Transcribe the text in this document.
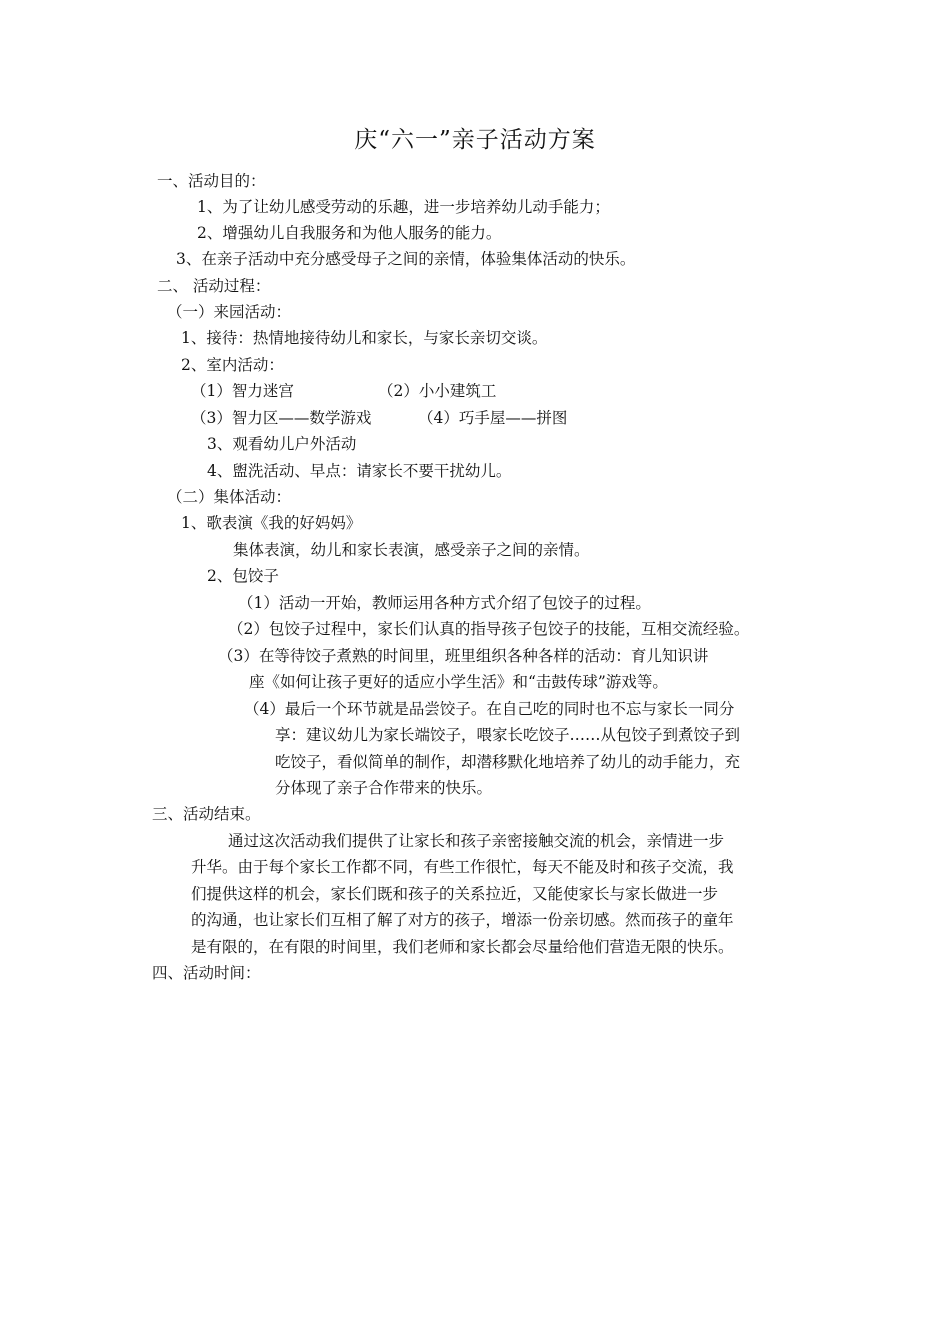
庆“六一”亲子活动方案
一、活动目的：
1、为了让幼儿感受劳动的乐趣，进一步培养幼儿动手能力；
2、增强幼儿自我服务和为他人服务的能力。
3、在亲子活动中充分感受母子之间的亲情，体验集体活动的快乐。
二、 活动过程：
（一）来园活动：
1、接待：热情地接待幼儿和家长，与家长亲切交谈。
2、室内活动：
（1）智力迷宫	（2）小小建筑工
（3）智力区——数学游戏	（4）巧手屋——拼图
3、观看幼儿户外活动
4、盥洗活动、早点：请家长不要干扰幼儿。
（二）集体活动：
1、歌表演《我的好妈妈》
集体表演，幼儿和家长表演，感受亲子之间的亲情。
2、包饺子
（1）活动一开始，教师运用各种方式介绍了包饺子的过程。
（2）包饺子过程中，家长们认真的指导孩子包饺子的技能，互相交流经验。
（3）在等待饺子煮熟的时间里，班里组织各种各样的活动：育儿知识讲
座《如何让孩子更好的适应小学生活》和“击鼓传球”游戏等。
（4）最后一个环节就是品尝饺子。在自己吃的同时也不忘与家长一同分
享：建议幼儿为家长端饺子，喂家长吃饺子……从包饺子到煮饺子到
吃饺子，看似简单的制作，却潜移默化地培养了幼儿的动手能力，充
分体现了亲子合作带来的快乐。
三、活动结束。
通过这次活动我们提供了让家长和孩子亲密接触交流的机会，亲情进一步
升华。由于每个家长工作都不同，有些工作很忙，每天不能及时和孩子交流，我
们提供这样的机会，家长们既和孩子的关系拉近，又能使家长与家长做进一步
的沟通，也让家长们互相了解了对方的孩子，增添一份亲切感。然而孩子的童年
是有限的，在有限的时间里，我们老师和家长都会尽量给他们营造无限的快乐。
四、活动时间：
